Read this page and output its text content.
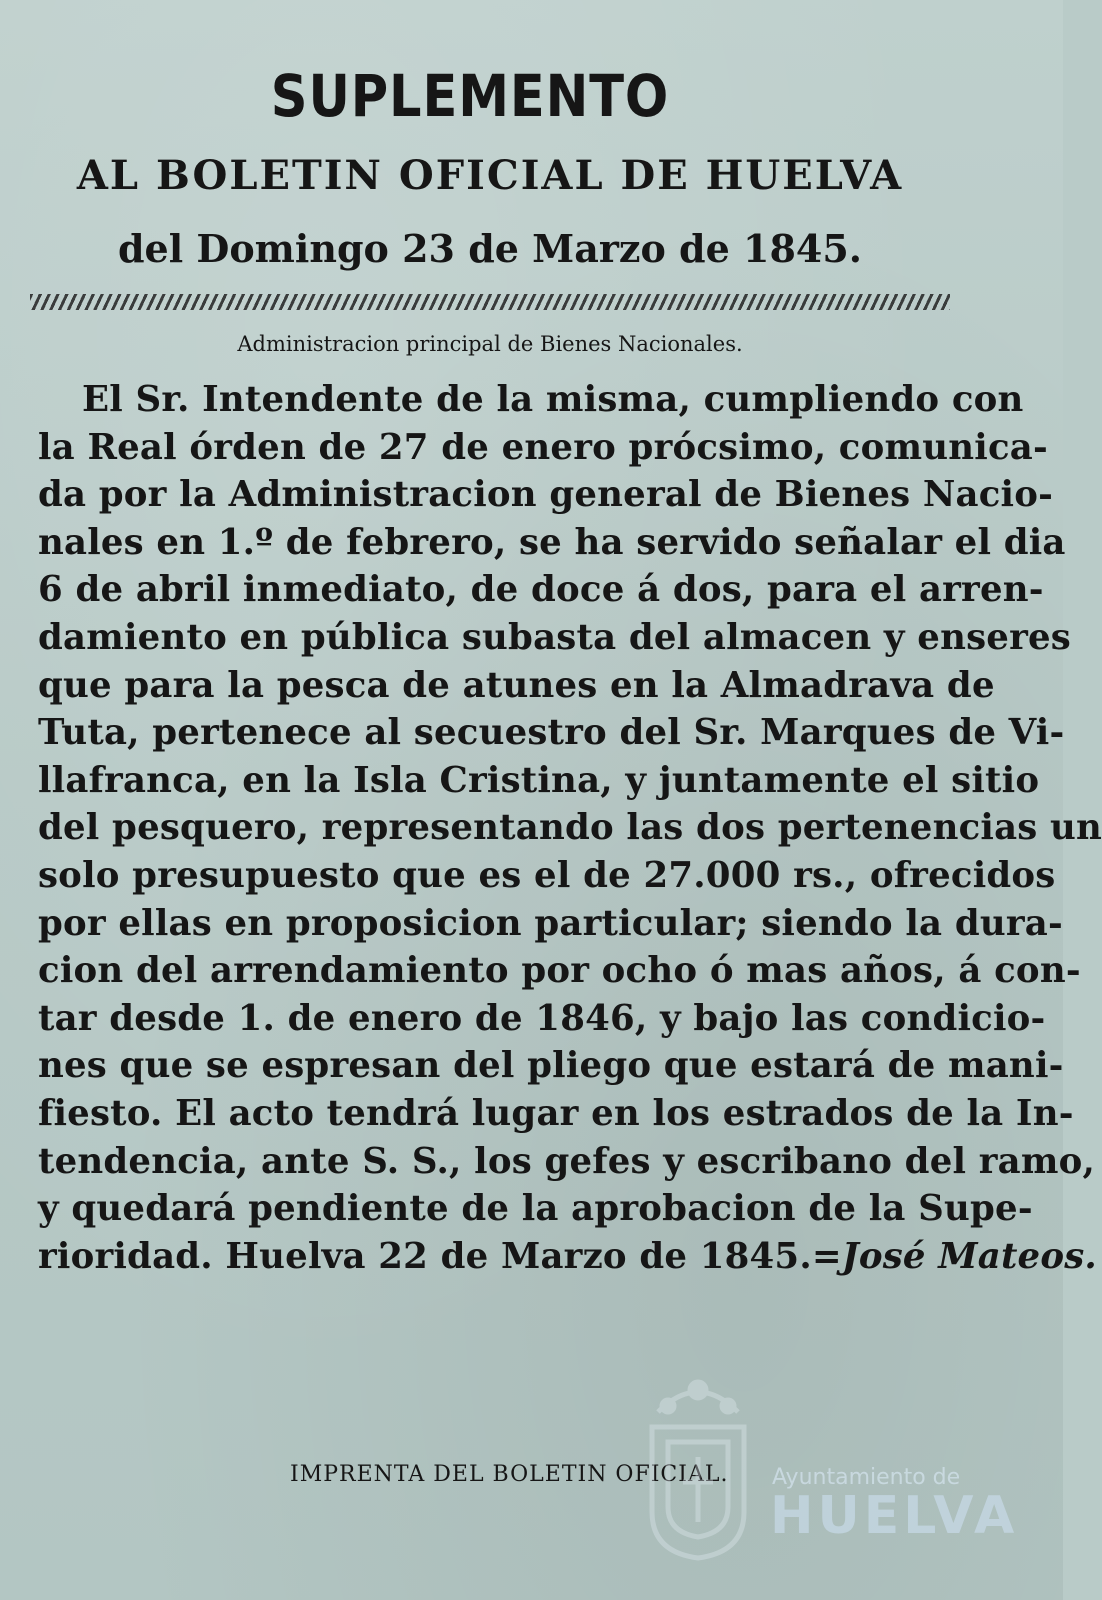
SUPLEMENTO
AL BOLETIN OFICIAL DE HUELVA
del Domingo 23 de Marzo de 1845.
Administracion principal de Bienes Nacionales.
El Sr. Intendente de la misma, cumpliendo con
la Real órden de 27 de enero prócsimo, comunica-
da por la Administracion general de Bienes Nacio-
nales en 1.º de febrero, se ha servido señalar el dia
6 de abril inmediato, de doce á dos, para el arren-
damiento en pública subasta del almacen y enseres
que para la pesca de atunes en la Almadrava de
Tuta, pertenece al secuestro del Sr. Marques de Vi-
llafranca, en la Isla Cristina, y juntamente el sitio
del pesquero, representando las dos pertenencias un
solo presupuesto que es el de 27.000 rs., ofrecidos
por ellas en proposicion particular; siendo la dura-
cion del arrendamiento por ocho ó mas años, á con-
tar desde 1. de enero de 1846, y bajo las condicio-
nes que se espresan del pliego que estará de mani-
fiesto. El acto tendrá lugar en los estrados de la In-
tendencia, ante S. S., los gefes y escribano del ramo,
y quedará pendiente de la aprobacion de la Supe-
rioridad. Huelva 22 de Marzo de 1845.=José Mateos.
IMPRENTA DEL BOLETIN OFICIAL.	Ayuntamiento de
HUELVA
